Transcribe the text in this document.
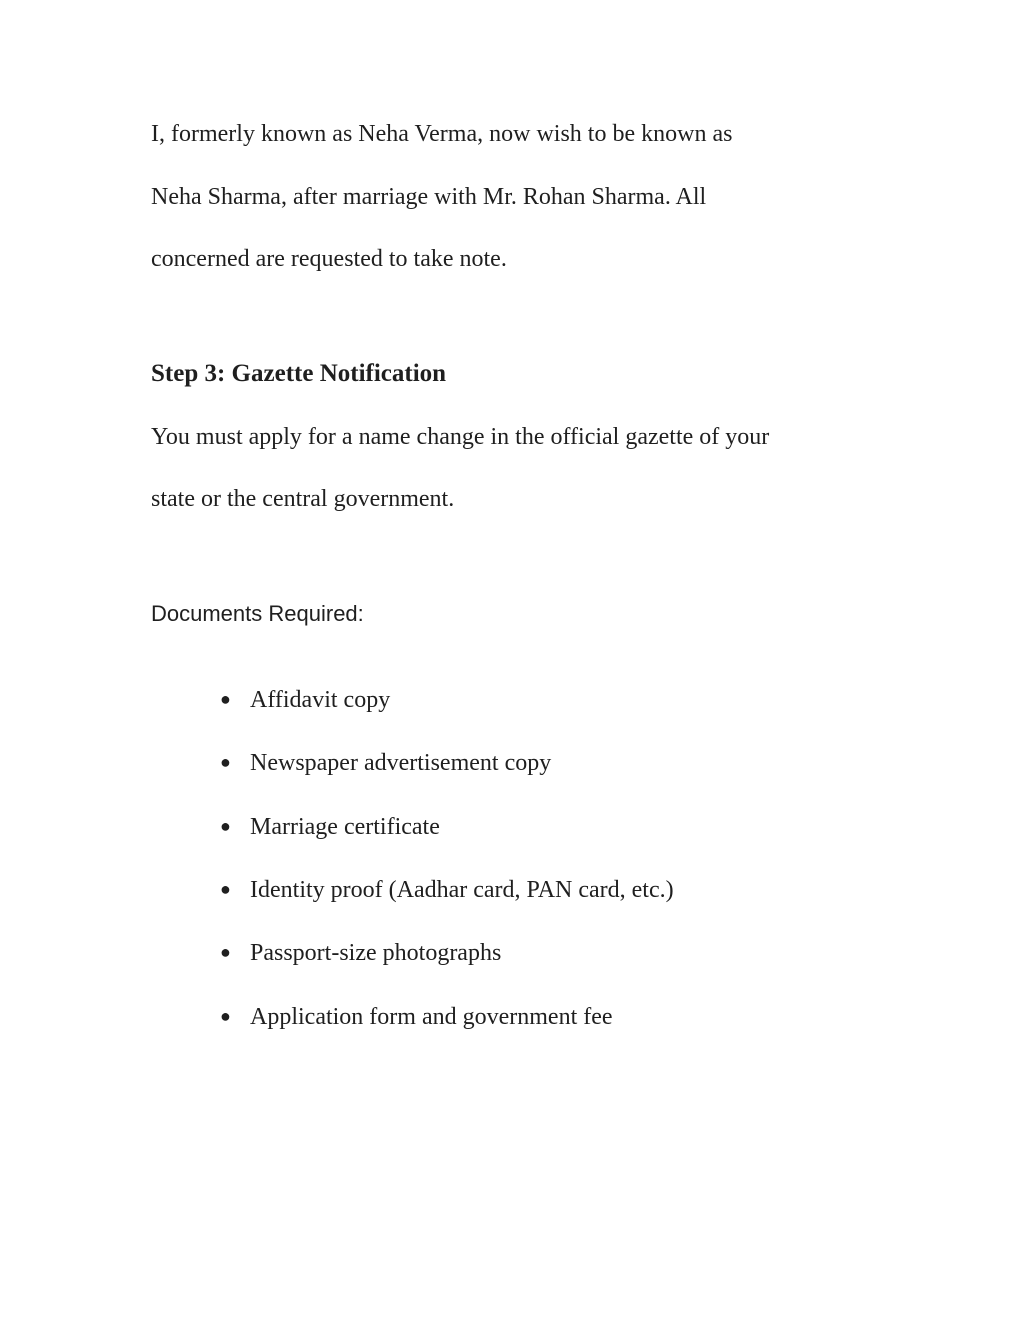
I, formerly known as Neha Verma, now wish to be known as
Neha Sharma, after marriage with Mr. Rohan Sharma. All
concerned are requested to take note.
Step 3: Gazette Notification
You must apply for a name change in the official gazette of your
state or the central government.
Documents Required:
● Affidavit copy
● Newspaper advertisement copy
● Marriage certificate
● Identity proof (Aadhar card, PAN card, etc.)
● Passport-size photographs
● Application form and government fee
